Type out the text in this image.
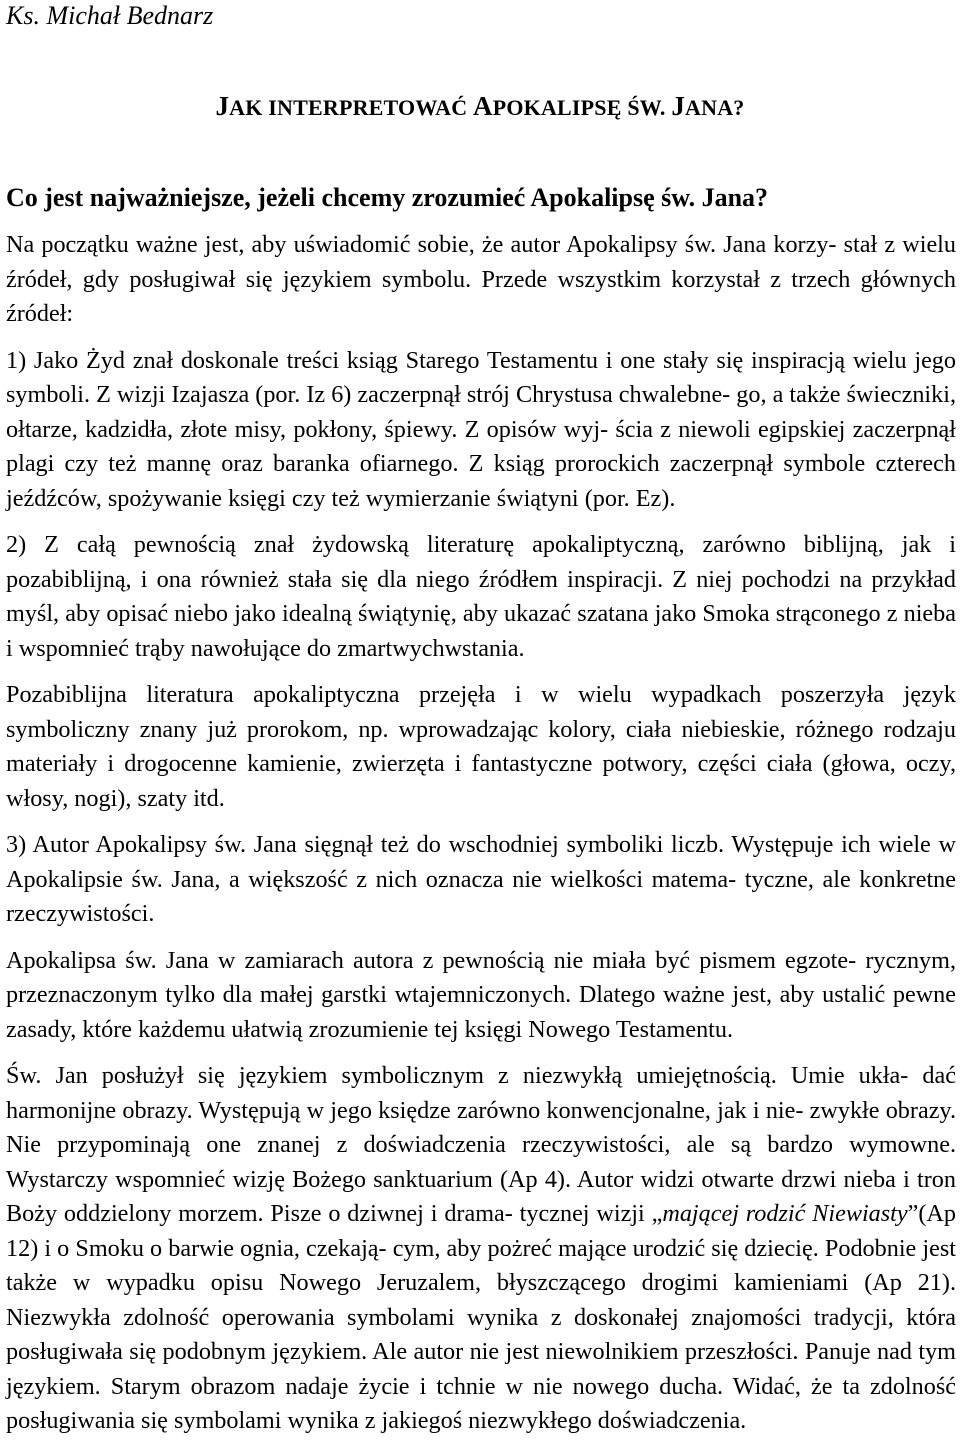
Ks. Michał Bednarz
JAK INTERPRETOWAĆ APOKALIPSĘ ŚW. JANA?
Co jest najważniejsze, jeżeli chcemy zrozumieć Apokalipsę św. Jana?

Na początku ważne jest, aby uświadomić sobie, że autor Apokalipsy św. Jana korzy- stał z wielu źródeł, gdy posługiwał się językiem symbolu. Przede wszystkim korzystał z trzech głównych źródeł:

1) Jako Żyd znał doskonale treści ksiąg Starego Testamentu i one stały się inspiracją wielu jego symboli. Z wizji Izajasza (por. Iz 6) zaczerpnął strój Chrystusa chwalebne- go, a także świeczniki, ołtarze, kadzidła, złote misy, pokłony, śpiewy. Z opisów wyj- ścia z niewoli egipskiej zaczerpnął plagi czy też mannę oraz baranka ofiarnego. Z ksiąg prorockich zaczerpnął symbole czterech jeźdźców, spożywanie księgi czy też wymierzanie świątyni (por. Ez).

2) Z całą pewnością znał żydowską literaturę apokaliptyczną, zarówno biblijną, jak i pozabiblijną, i ona również stała się dla niego źródłem inspiracji. Z niej pochodzi na przykład myśl, aby opisać niebo jako idealną świątynię, aby ukazać szatana jako Smoka strąconego z nieba i wspomnieć trąby nawołujące do zmartwychwstania.

Pozabiblijna literatura apokaliptyczna przejęła i w wielu wypadkach poszerzyła język symboliczny znany już prorokom, np. wprowadzając kolory, ciała niebieskie, różnego rodzaju materiały i drogocenne kamienie, zwierzęta i fantastyczne potwory, części ciała (głowa, oczy, włosy, nogi), szaty itd.

3) Autor Apokalipsy św. Jana sięgnął też do wschodniej symboliki liczb. Występuje ich wiele w Apokalipsie św. Jana, a większość z nich oznacza nie wielkości matema- tyczne, ale konkretne rzeczywistości.

Apokalipsa św. Jana w zamiarach autora z pewnością nie miała być pismem egzote- rycznym, przeznaczonym tylko dla małej garstki wtajemniczonych. Dlatego ważne jest, aby ustalić pewne zasady, które każdemu ułatwią zrozumienie tej księgi Nowego Testamentu.

Św. Jan posłużył się językiem symbolicznym z niezwykłą umiejętnością. Umie ukła- dać harmonijne obrazy. Występują w jego księdze zarówno konwencjonalne, jak i nie- zwykłe obrazy. Nie przypominają one znanej z doświadczenia rzeczywistości, ale są bardzo wymowne. Wystarczy wspomnieć wizję Bożego sanktuarium (Ap 4). Autor widzi otwarte drzwi nieba i tron Boży oddzielony morzem. Pisze o dziwnej i drama- tycznej wizji „mającej rodzić Niewiasty”(Ap 12) i o Smoku o barwie ognia, czekają- cym, aby pożreć mające urodzić się dziecię. Podobnie jest także w wypadku opisu Nowego Jeruzalem, błyszczącego drogimi kamieniami (Ap 21). Niezwykła zdolność operowania symbolami wynika z doskonałej znajomości tradycji, która posługiwała się podobnym językiem. Ale autor nie jest niewolnikiem przeszłości. Panuje nad tym językiem. Starym obrazom nadaje życie i tchnie w nie nowego ducha. Widać, że ta zdolność posługiwania się symbolami wynika z jakiegoś niezwykłego doświadczenia.
